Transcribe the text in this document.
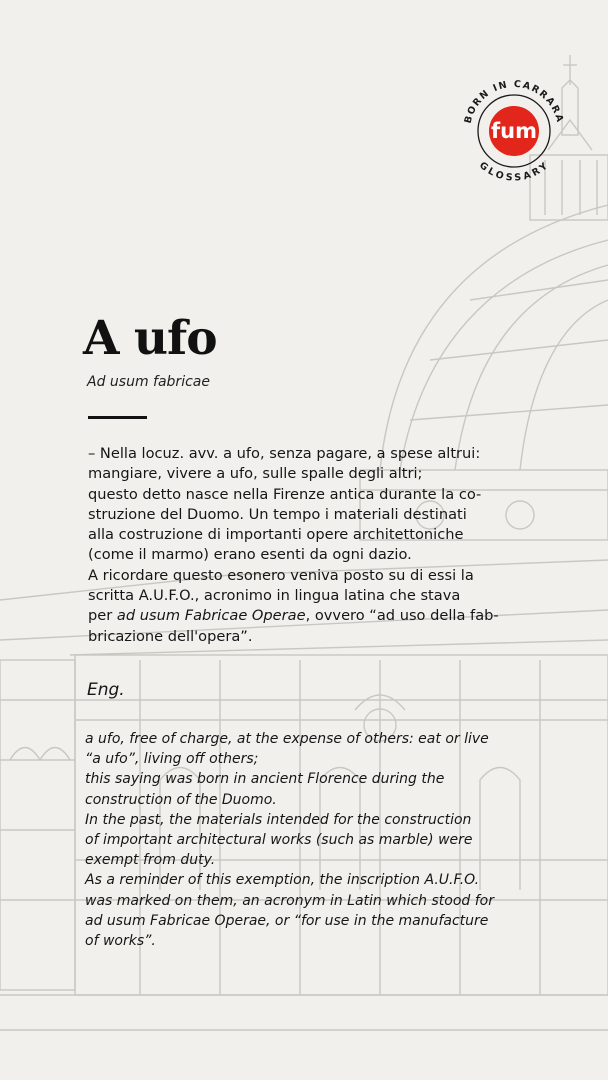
fum
BORN IN CARRARA
GLOSSARY
A ufo
Ad usum fabricae

– Nella locuz. avv. a ufo, senza pagare, a spese altrui:

mangiare, vivere a ufo, sulle spalle degli altri;

questo detto nasce nella Firenze antica durante la co-

struzione del Duomo. Un tempo i materiali destinati

alla costruzione di importanti opere architettoniche

(come il marmo) erano esenti da ogni dazio.

A ricordare questo esonero veniva posto su di essi la

scritta A.U.F.O., acronimo in lingua latina che stava

per ad usum Fabricae Operae, ovvero “ad uso della fab-

bricazione dell'opera”.

Eng.

a ufo, free of charge, at the expense of others: eat or live

“a ufo”, living off others;

this saying was born in ancient Florence during the

construction of the Duomo.

In the past, the materials intended for the construction

of important architectural works (such as marble) were

exempt from duty.

As a reminder of this exemption, the inscription A.U.F.O.

was marked on them, an acronym in Latin which stood for

ad usum Fabricae Operae, or “for use in the manufacture

of works”.
